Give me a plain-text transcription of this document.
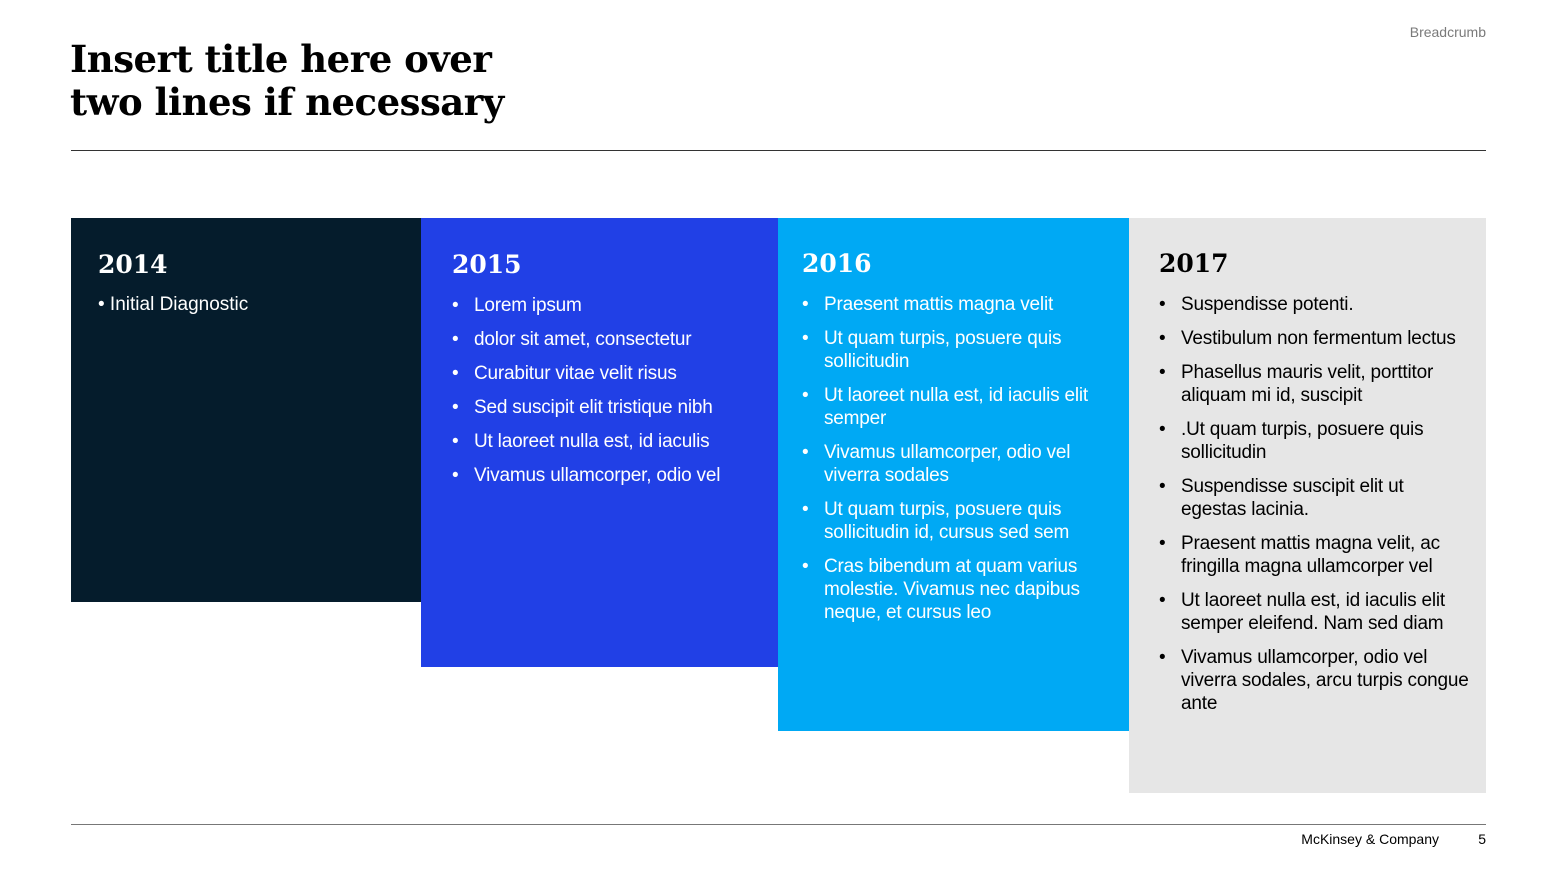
Breadcrumb
Insert title here over
two lines if necessary
2014

• Initial Diagnostic

2015
• Lorem ipsum
• dolor sit amet, consectetur
• Curabitur vitae velit risus
• Sed suscipit elit tristique nibh
• Ut laoreet nulla est, id iaculis
• Vivamus ullamcorper, odio vel
2016
• Praesent mattis magna velit
• Ut quam turpis, posuere quis sollicitudin
• Ut laoreet nulla est, id iaculis elit semper
• Vivamus ullamcorper, odio vel viverra sodales
• Ut quam turpis, posuere quis sollicitudin id, cursus sed sem
• Cras bibendum at quam varius molestie. Vivamus nec dapibus neque, et cursus leo
2017
• Suspendisse potenti.
• Vestibulum non fermentum lectus
• Phasellus mauris velit, porttitor aliquam mi id, suscipit
• .Ut quam turpis, posuere quis sollicitudin
• Suspendisse suscipit elit ut egestas lacinia.
• Praesent mattis magna velit, ac fringilla magna ullamcorper vel
• Ut laoreet nulla est, id iaculis elit semper eleifend. Nam sed diam
• Vivamus ullamcorper, odio vel viverra sodales, arcu turpis congue ante
McKinsey & Company	5
